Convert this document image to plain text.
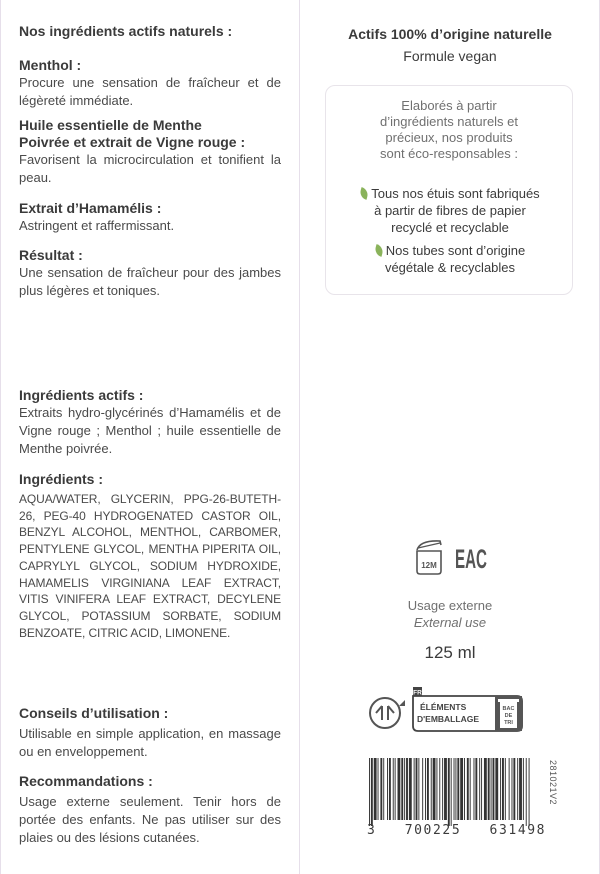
Nos ingrédients actifs naturels :
Menthol :
Procure une sensation de fraîcheur et de légèreté immédiate.
Huile essentielle de Menthe
Poivrée et extrait de Vigne rouge :
Favorisent la microcirculation et tonifient la peau.
Extrait d’Hamamélis :
Astringent et raffermissant.
Résultat :
Une sensation de fraîcheur pour des jambes plus légères et toniques.
Ingrédients actifs :
Extraits hydro-glycérinés d’Hamamélis et de Vigne rouge ; Menthol ; huile essentielle de Menthe poivrée.
Ingrédients :
AQUA/WATER, GLYCERIN, PPG-26-BUTETH-26, PEG-40 HYDROGENATED CASTOR OIL, BENZYL ALCOHOL, MENTHOL, CARBOMER, PENTYLENE GLYCOL, MENTHA PIPERITA OIL, CAPRYLYL GLYCOL, SODIUM HYDROXIDE, HAMAMELIS VIRGINIANA LEAF EXTRACT, VITIS VINIFERA LEAF EXTRACT, DECYLENE GLYCOL, POTASSIUM SORBATE, SODIUM BENZOATE, CITRIC ACID, LIMONENE.
Conseils d’utilisation :
Utilisable en simple application, en massage ou en enveloppement.
Recommandations :
Usage externe seulement. Tenir hors de portée des enfants. Ne pas utiliser sur des plaies ou des lésions cutanées.
Actifs 100% d’origine naturelle
Formule vegan
Elaborés à partir
d’ingrédients naturels et
précieux, nos produits
sont éco-responsables :
Tous nos étuis sont fabriqués
à partir de fibres de papier
recyclé et recyclable
Nos tubes sont d’origine
végétale & recyclables
12M EAC
Usage externe
External use
125 ml
FR
ÉLÉMENTS
D'EMBALLAGE
BAC
DE
TRI
3   700225   631498
281021V2
